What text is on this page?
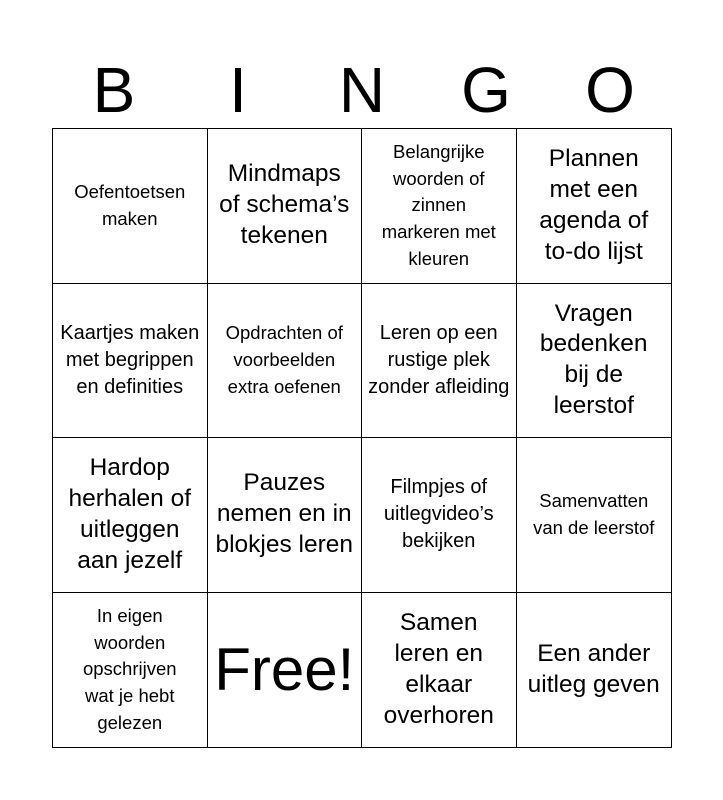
B	I	N	G	O
Oefentoetsen maken
Mindmaps of schema’s tekenen
Belangrijke woorden of zinnen markeren met kleuren
Plannen met een agenda of to-do lijst
Kaartjes maken met begrippen en definities
Opdrachten of voorbeelden extra oefenen
Leren op een rustige plek zonder afleiding
Vragen bedenken bij de leerstof
Hardop herhalen of uitleggen aan jezelf
Pauzes nemen en in blokjes leren
Filmpjes of uitlegvideo’s bekijken
Samenvatten van de leerstof
In eigen woorden opschrijven wat je hebt gelezen
Free!
Samen leren en elkaar overhoren
Een ander uitleg geven
